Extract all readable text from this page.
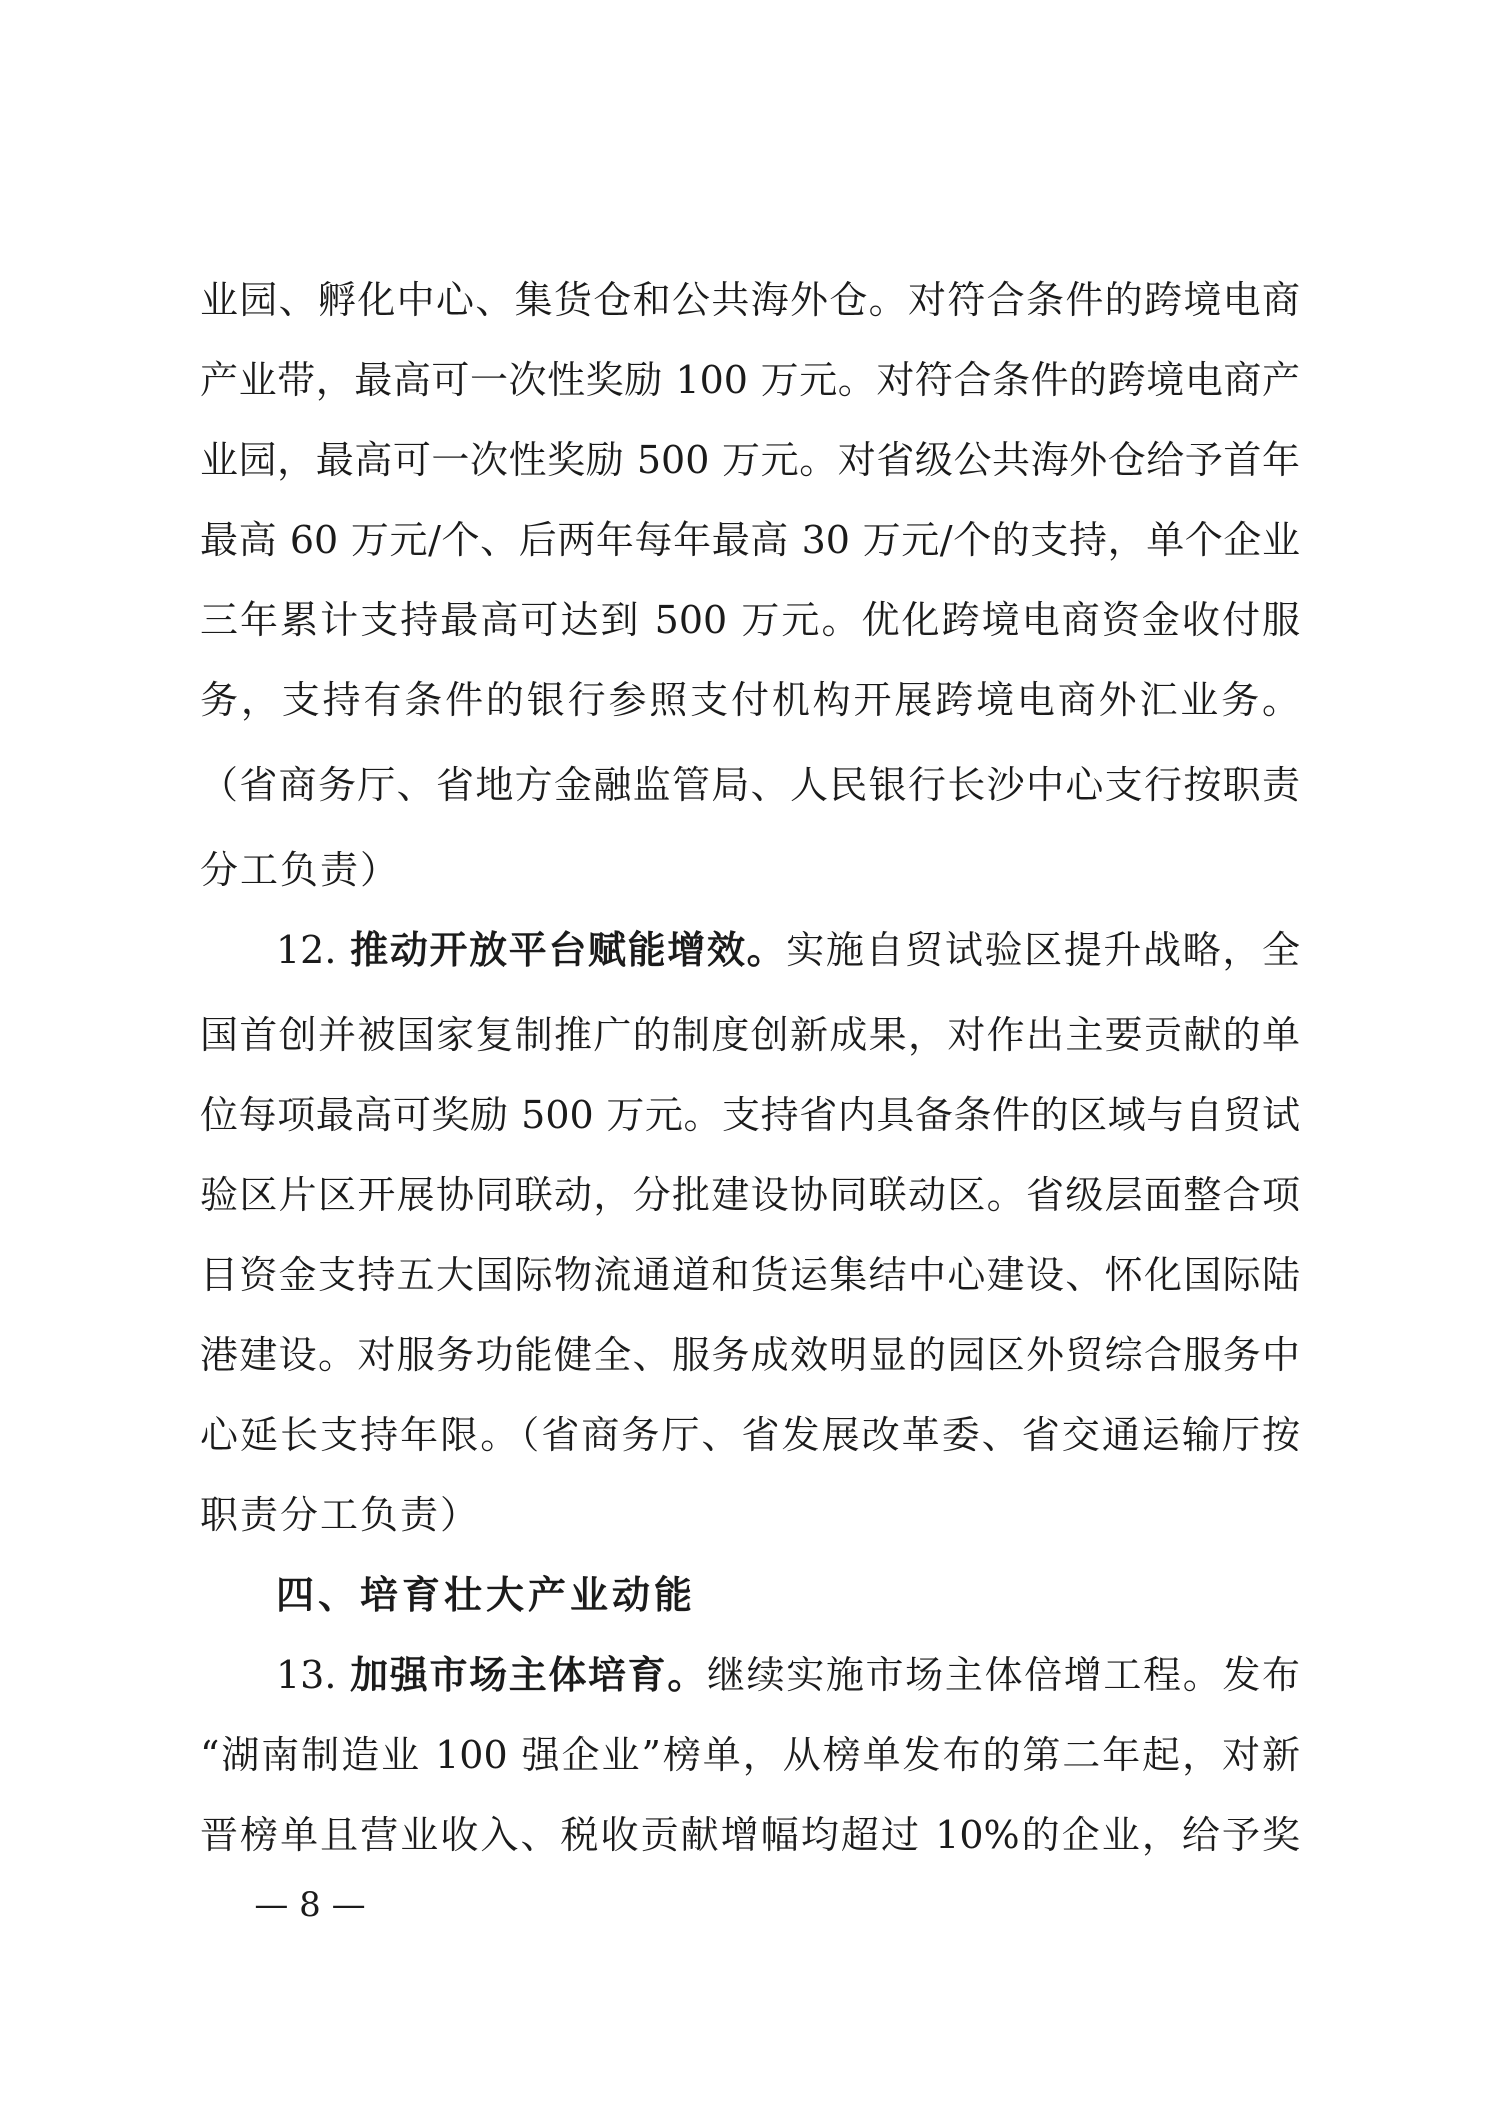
业园、孵化中心、集货仓和公共海外仓。对符合条件的跨境电商
产业带，最高可一次性奖励 100 万元。对符合条件的跨境电商产
业园，最高可一次性奖励 500 万元。对省级公共海外仓给予首年
最高 60 万元/个、后两年每年最高 30 万元/个的支持，单个企业
三年累计支持最高可达到 500 万元。优化跨境电商资金收付服
务，支持有条件的银行参照支付机构开展跨境电商外汇业务。
（省商务厅、省地方金融监管局、人民银行长沙中心支行按职责
分工负责）
12. 推动开放平台赋能增效。实施自贸试验区提升战略，全
国首创并被国家复制推广的制度创新成果，对作出主要贡献的单
位每项最高可奖励 500 万元。支持省内具备条件的区域与自贸试
验区片区开展协同联动，分批建设协同联动区。省级层面整合项
目资金支持五大国际物流通道和货运集结中心建设、怀化国际陆
港建设。对服务功能健全、服务成效明显的园区外贸综合服务中
心延长支持年限。（省商务厅、省发展改革委、省交通运输厅按
职责分工负责）
四、培育壮大产业动能
13. 加强市场主体培育。继续实施市场主体倍增工程。发布
“湖南制造业 100 强企业”榜单，从榜单发布的第二年起，对新
晋榜单且营业收入、税收贡献增幅均超过 10%的企业，给予奖
— 8 —
